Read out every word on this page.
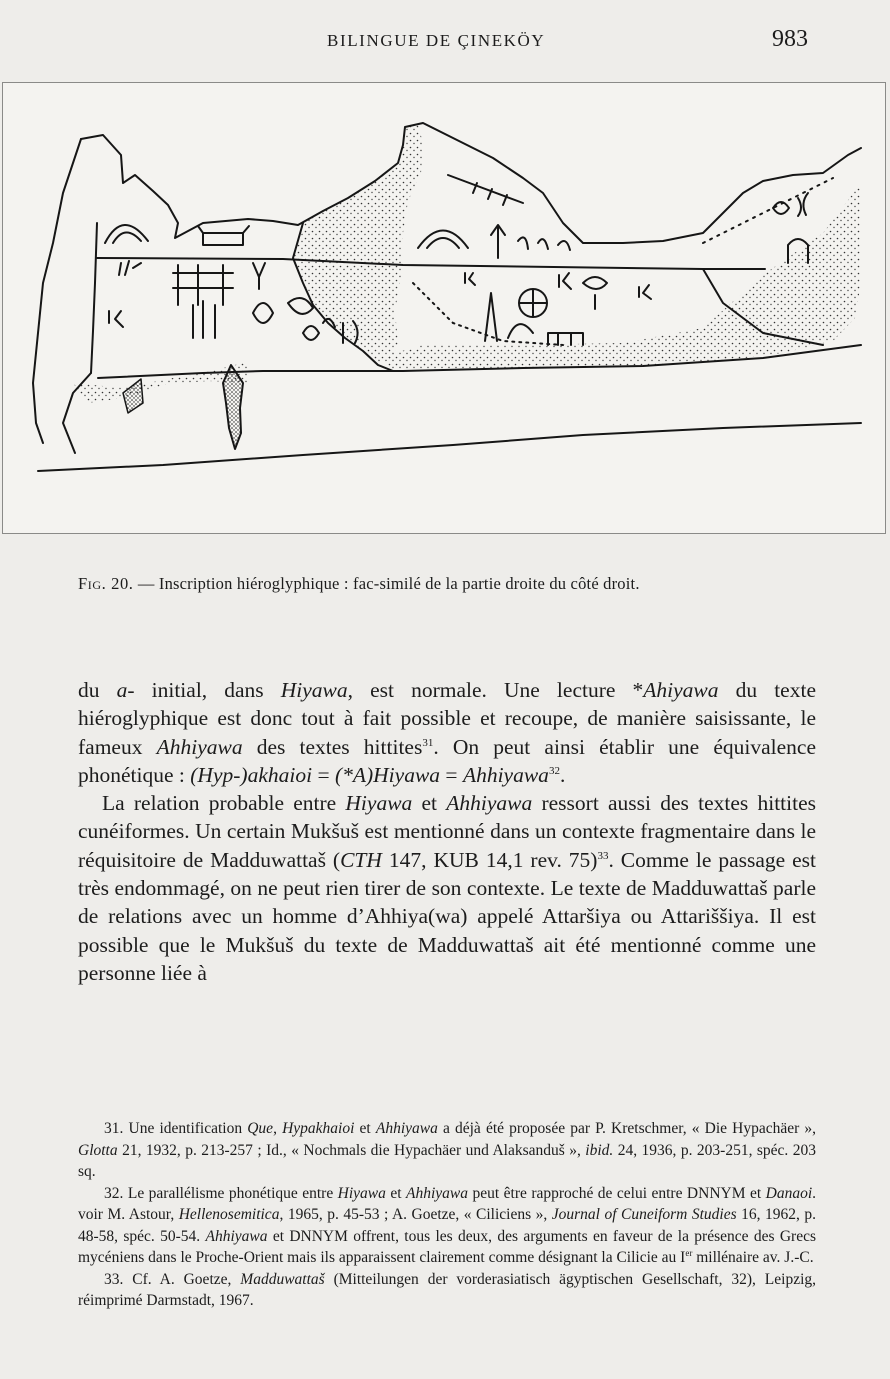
BILINGUE DE ÇINEKÖY	983
Fig. 20. — Inscription hiéroglyphique : fac-similé de la partie droite du côté droit.

du a- initial, dans Hiyawa, est normale. Une lecture *Ahiyawa du texte hiéroglyphique est donc tout à fait possible et recoupe, de manière saisissante, le fameux Ahhiyawa des textes hittites$^{31}$. On peut ainsi établir une équivalence phonétique : (Hyp-)akhaioi = (*A)Hiyawa = Ahhiyawa$^{32}$.

La relation probable entre Hiyawa et Ahhiyawa ressort aussi des textes hittites cunéiformes. Un certain Mukšuš est mentionné dans un contexte fragmentaire dans le réquisitoire de Madduwattaš (CTH 147, KUB 14,1 rev. 75)$^{33}$. Comme le passage est très endommagé, on ne peut rien tirer de son contexte. Le texte de Madduwattaš parle de relations avec un homme d’Ahhiya(wa) appelé Attaršiya ou Attariššiya. Il est possible que le Mukšuš du texte de Madduwattaš ait été mentionné comme une personne liée à

31. Une identification Que, Hypakhaioi et Ahhiyawa a déjà été proposée par P. Kretschmer, « Die Hypachäer », Glotta 21, 1932, p. 213-257 ; Id., « Nochmals die Hypachäer und Alaksanduš », ibid. 24, 1936, p. 203-251, spéc. 203 sq.

32. Le parallélisme phonétique entre Hiyawa et Ahhiyawa peut être rapproché de celui entre DNNYM et Danaoi. voir M. Astour, Hellenosemitica, 1965, p. 45-53 ; A. Goetze, « Ciliciens », Journal of Cuneiform Studies 16, 1962, p. 48-58, spéc. 50-54. Ahhiyawa et DNNYM offrent, tous les deux, des arguments en faveur de la présence des Grecs mycéniens dans le Proche-Orient mais ils apparaissent clairement comme désignant la Cilicie au Ier millénaire av. J.-C.

33. Cf. A. Goetze, Madduwattaš (Mitteilungen der vorderasiatisch ägyptischen Gesellschaft, 32), Leipzig, réimprimé Darmstadt, 1967.
